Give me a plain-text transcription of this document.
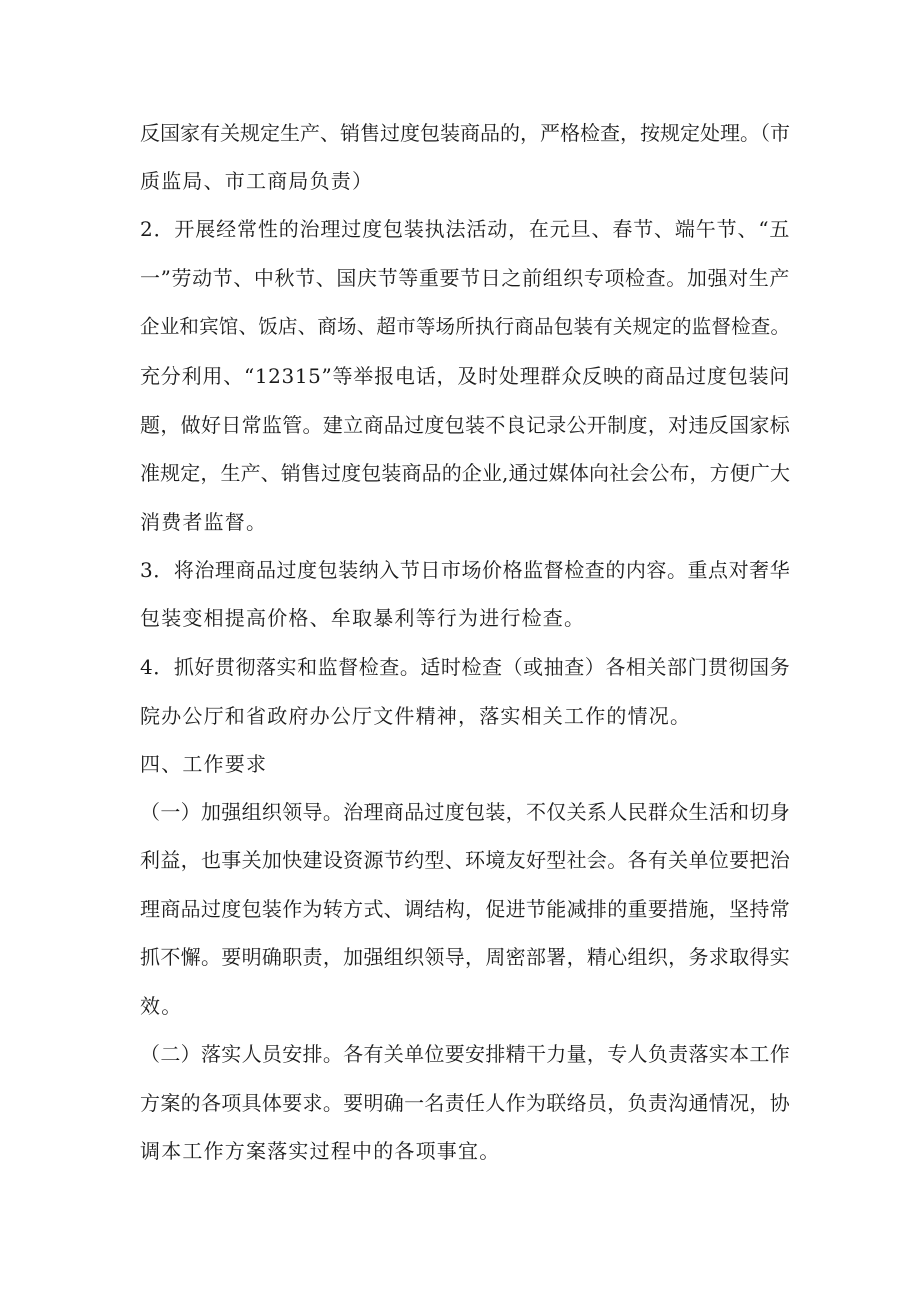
反国家有关规定生产、销售过度包装商品的，严格检查，按规定处理。（市
质监局、市工商局负责）
2．开展经常性的治理过度包装执法活动，在元旦、春节、端午节、“五
一”劳动节、中秋节、国庆节等重要节日之前组织专项检查。加强对生产
企业和宾馆、饭店、商场、超市等场所执行商品包装有关规定的监督检查。
充分利用、“12315”等举报电话，及时处理群众反映的商品过度包装问
题，做好日常监管。建立商品过度包装不良记录公开制度，对违反国家标
准规定，生产、销售过度包装商品的企业,通过媒体向社会公布，方便广大
消费者监督。
3．将治理商品过度包装纳入节日市场价格监督检查的内容。重点对奢华
包装变相提高价格、牟取暴利等行为进行检查。
4．抓好贯彻落实和监督检查。适时检查（或抽查）各相关部门贯彻国务
院办公厅和省政府办公厅文件精神，落实相关工作的情况。
四、工作要求
（一）加强组织领导。治理商品过度包装，不仅关系人民群众生活和切身
利益，也事关加快建设资源节约型、环境友好型社会。各有关单位要把治
理商品过度包装作为转方式、调结构，促进节能减排的重要措施，坚持常
抓不懈。要明确职责，加强组织领导，周密部署，精心组织，务求取得实
效。
（二）落实人员安排。各有关单位要安排精干力量，专人负责落实本工作
方案的各项具体要求。要明确一名责任人作为联络员，负责沟通情况，协
调本工作方案落实过程中的各项事宜。
